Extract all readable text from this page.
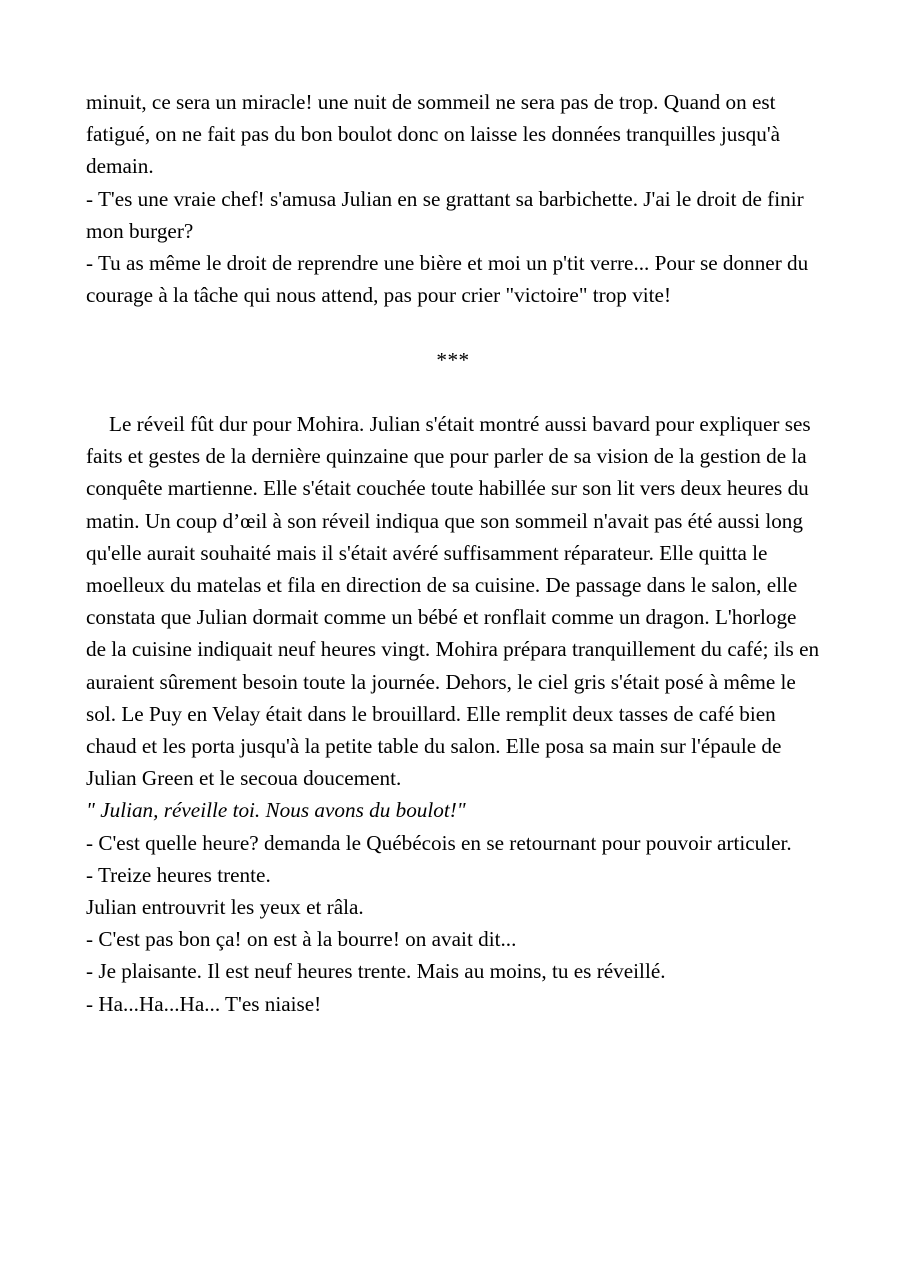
minuit, ce sera un miracle! une nuit de sommeil ne sera pas de trop. Quand on est fatigué, on ne fait pas du bon boulot donc on laisse les données tranquilles jusqu'à demain.

- T'es une vraie chef! s'amusa Julian en se grattant sa barbichette. J'ai le droit de finir mon burger?

- Tu as même le droit de reprendre une bière et moi un p'tit verre... Pour se donner du courage à la tâche qui nous attend, pas pour crier "victoire" trop vite!

***

Le réveil fût dur pour Mohira. Julian s'était montré aussi bavard pour expliquer ses faits et gestes de la dernière quinzaine que pour parler de sa vision de la gestion de la conquête martienne. Elle s'était couchée toute habillée sur son lit vers deux heures du matin. Un coup d’œil à son réveil indiqua que son sommeil n'avait pas été aussi long qu'elle aurait souhaité mais il s'était avéré suffisamment réparateur. Elle quitta le moelleux du matelas et fila en direction de sa cuisine. De passage dans le salon, elle constata que Julian dormait comme un bébé et ronflait comme un dragon. L'horloge de la cuisine indiquait neuf heures vingt. Mohira prépara tranquillement du café; ils en auraient sûrement besoin toute la journée. Dehors, le ciel gris s'était posé à même le sol. Le Puy en Velay était dans le brouillard. Elle remplit deux tasses de café bien chaud et les porta jusqu'à la petite table du salon. Elle posa sa main sur l'épaule de Julian Green et le secoua doucement.

" Julian, réveille toi. Nous avons du boulot!"

- C'est quelle heure? demanda le Québécois en se retournant pour pouvoir articuler.

- Treize heures trente.

Julian entrouvrit les yeux et râla.

- C'est pas bon ça! on est à la bourre! on avait dit...

- Je plaisante. Il est neuf heures trente. Mais au moins, tu es réveillé.

- Ha...Ha...Ha... T'es niaise!
